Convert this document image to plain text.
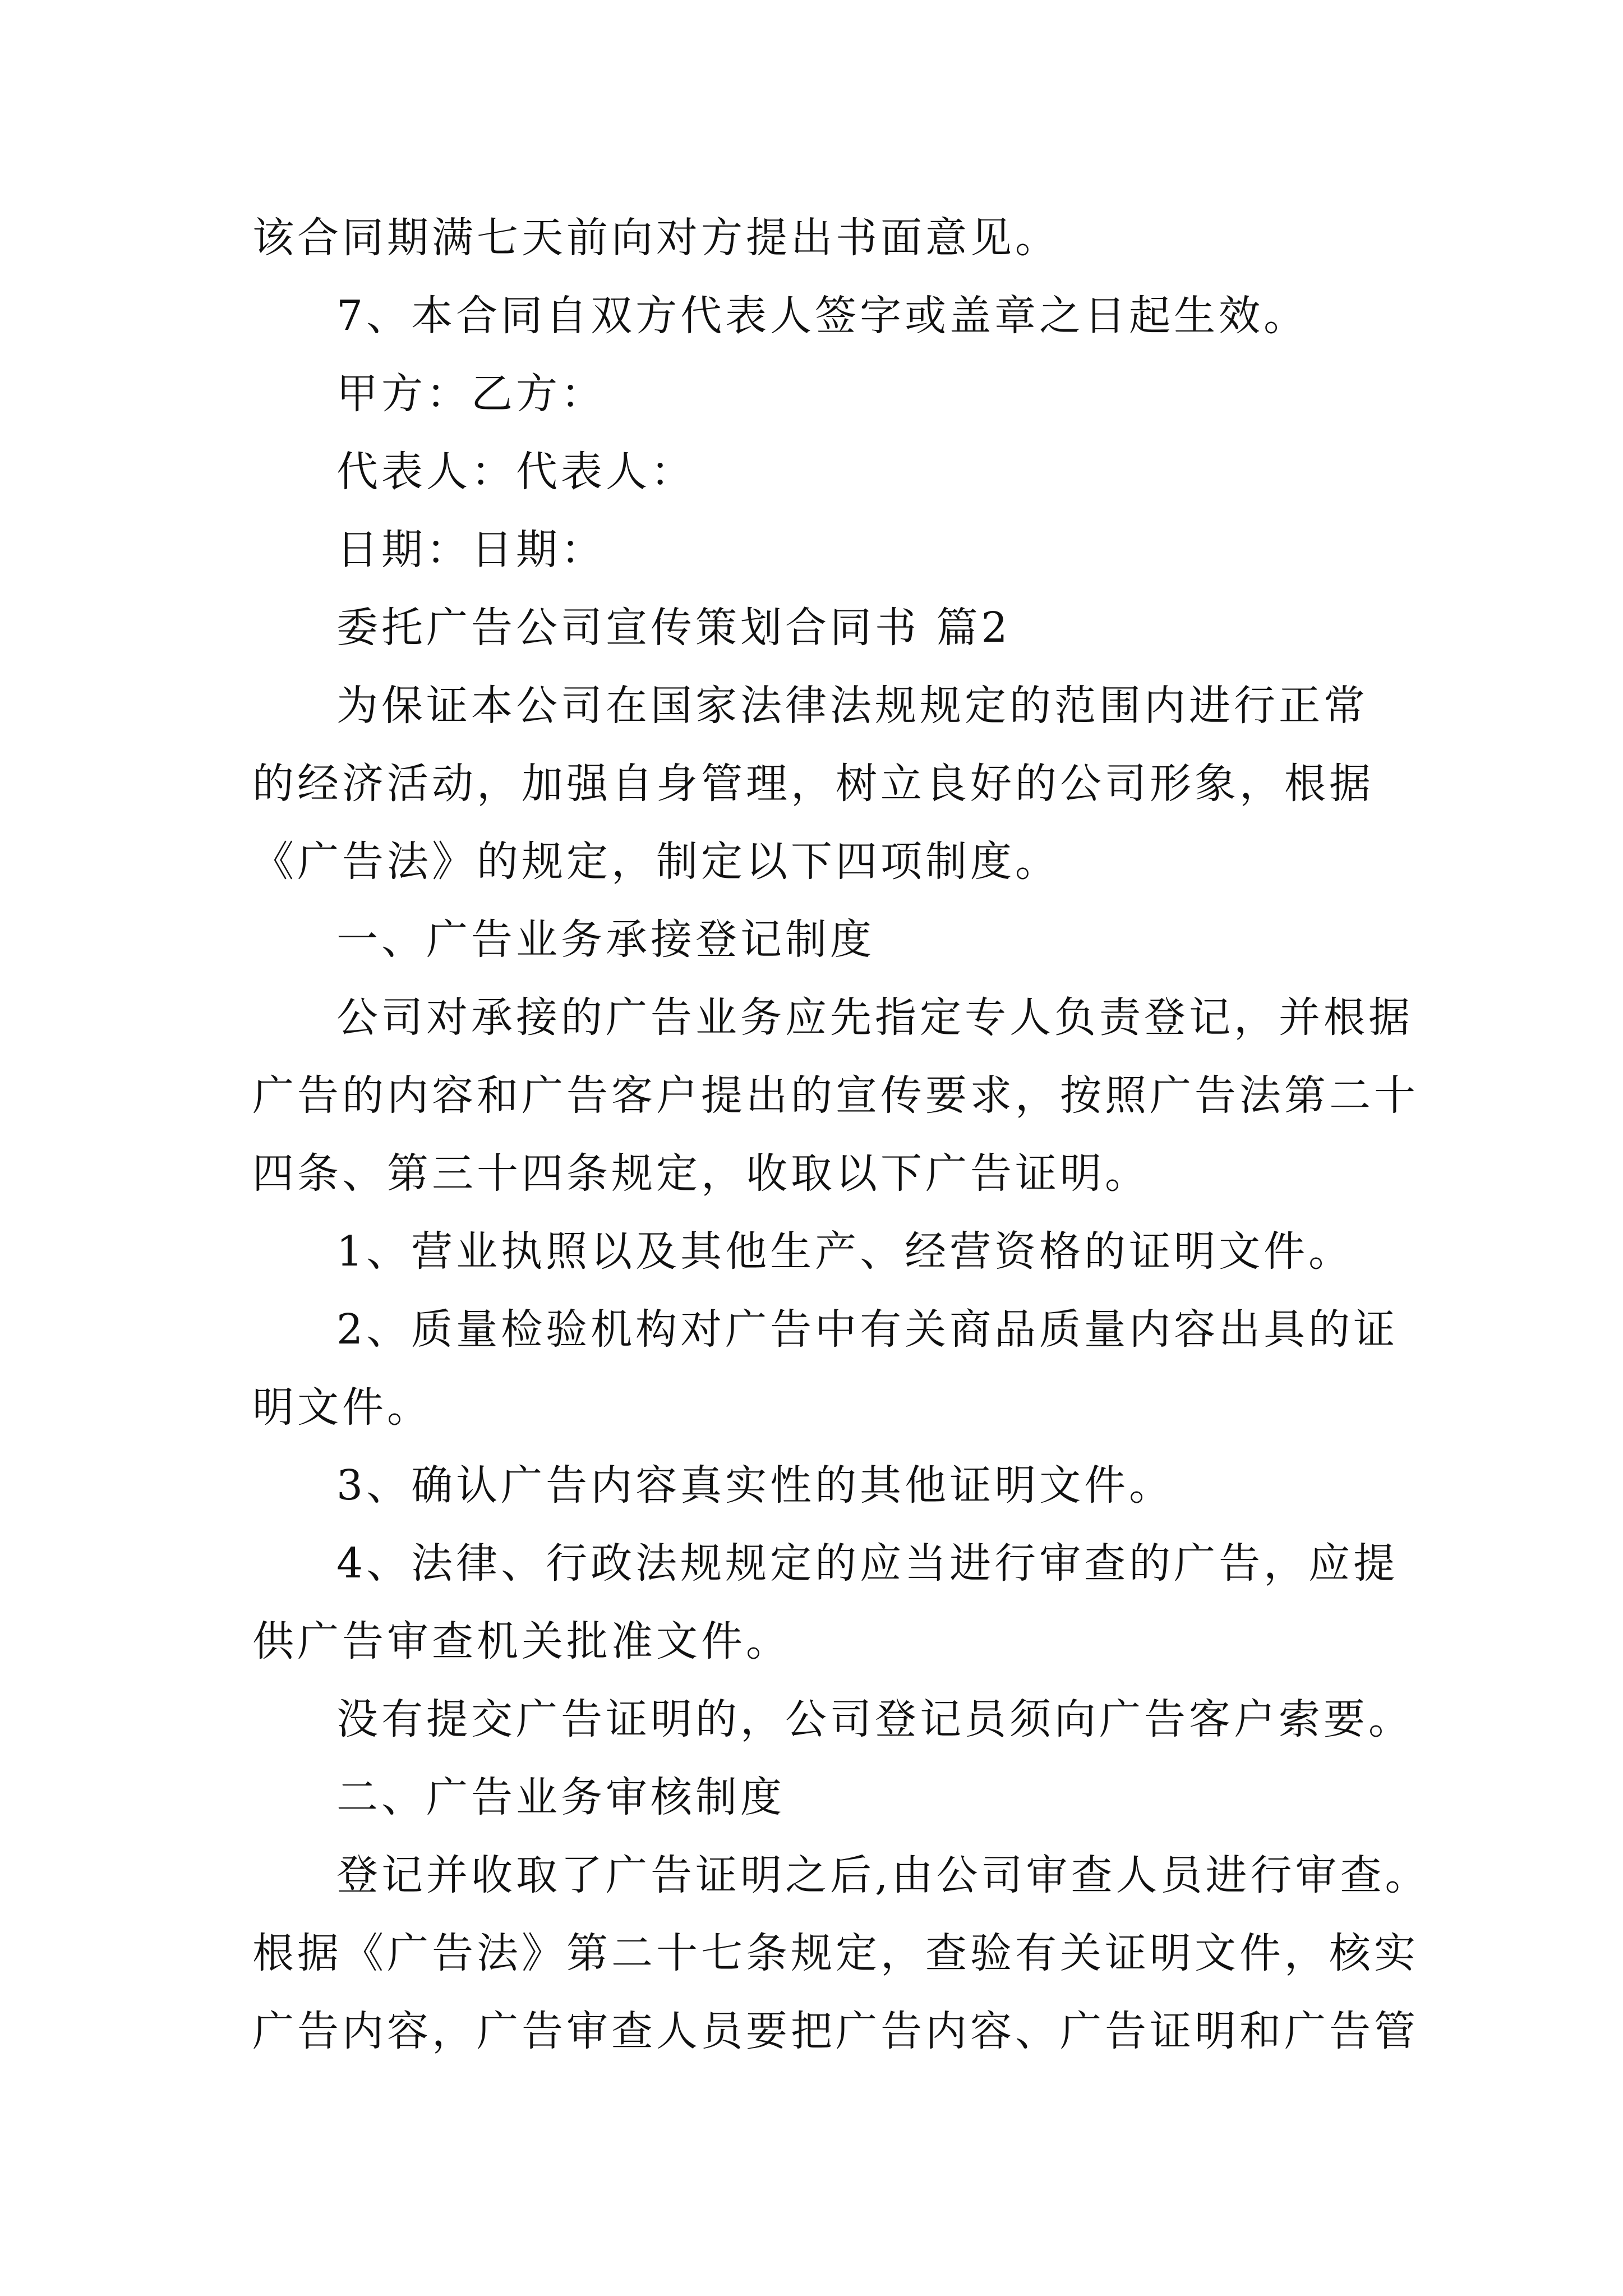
该合同期满七天前向对方提出书面意见。
7、本合同自双方代表人签字或盖章之日起生效。
甲方：乙方：
代表人：代表人：
日期：日期：
委托广告公司宣传策划合同书 篇2
为保证本公司在国家法律法规规定的范围内进行正常
的经济活动，加强自身管理，树立良好的公司形象，根据
《广告法》的规定，制定以下四项制度。
一、广告业务承接登记制度
公司对承接的广告业务应先指定专人负责登记，并根据
广告的内容和广告客户提出的宣传要求，按照广告法第二十
四条、第三十四条规定，收取以下广告证明。
1、营业执照以及其他生产、经营资格的证明文件。
2、质量检验机构对广告中有关商品质量内容出具的证
明文件。
3、确认广告内容真实性的其他证明文件。
4、法律、行政法规规定的应当进行审查的广告，应提
供广告审查机关批准文件。
没有提交广告证明的，公司登记员须向广告客户索要。
二、广告业务审核制度
登记并收取了广告证明之后,由公司审查人员进行审查。
根据《广告法》第二十七条规定，查验有关证明文件，核实
广告内容，广告审查人员要把广告内容、广告证明和广告管
